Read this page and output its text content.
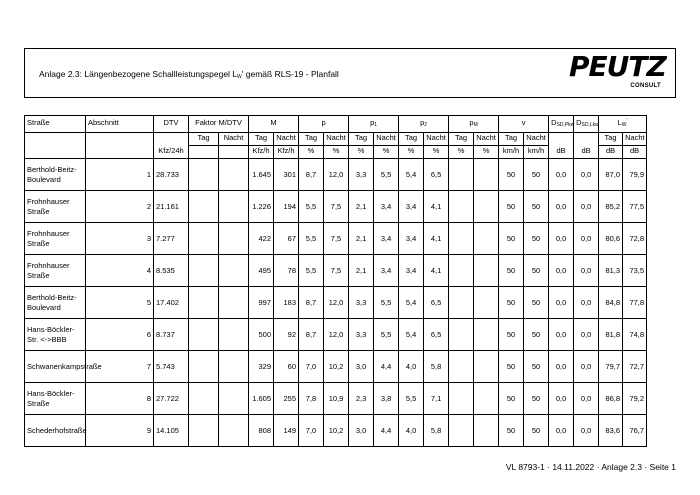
Anlage 2.3: Längenbezogene Schallleistungspegel $L_W'$ gemäß RLS-19 - Planfall	PEUTZ
CONSULT
Straße	Abschnitt	DTV	Faktor M/DTV		M		p		$p_1$		$p_2$		$p_M$		v		$D_{SD,Pkw}$	$D_{SD,Lkw}$	$L_W'$
			Tag	Nacht	Tag	Nacht	Tag	Nacht	Tag	Nacht	Tag	Nacht	Tag	Nacht	Tag	Nacht			Tag	Nacht
		Kfz/24h			Kfz/h	Kfz/h	%	%	%	%	%	%	%	%	km/h	km/h	dB	dB	dB	dB
Berthold-Beitz-Boulevard	1	28.733			1.645	301	8,7	12,0	3,3	5,5	5,4	6,5			50	50	0,0	0,0	87,0	79,9
Frohnhauser Straße	2	21.161			1.226	194	5,5	7,5	2,1	3,4	3,4	4,1			50	50	0,0	0,0	85,2	77,5
Frohnhauser Straße	3	7.277			422	67	5,5	7,5	2,1	3,4	3,4	4,1			50	50	0,0	0,0	80,6	72,8
Frohnhauser Straße	4	8.535			495	78	5,5	7,5	2,1	3,4	3,4	4,1			50	50	0,0	0,0	81,3	73,5
Berthold-Beitz-Boulevard	5	17.402			997	183	8,7	12,0	3,3	5,5	5,4	6,5			50	50	0,0	0,0	84,8	77,8
Hans-Böckler-Str. <->BBB	6	8.737			500	92	8,7	12,0	3,3	5,5	5,4	6,5			50	50	0,0	0,0	81,8	74,8
Schwanenkampstraße	7	5.743			329	60	7,0	10,2	3,0	4,4	4,0	5,8			50	50	0,0	0,0	79,7	72,7
Hans-Böckler-Straße	8	27.722			1.605	255	7,8	10,9	2,3	3,8	5,5	7,1			50	50	0,0	0,0	86,8	79,2
Schederhofstraße	9	14.105			808	149	7,0	10,2	3,0	4,4	4,0	5,8			50	50	0,0	0,0	83,6	76,7
VL 8793-1 · 14.11.2022 · Anlage 2.3 · Seite 1
